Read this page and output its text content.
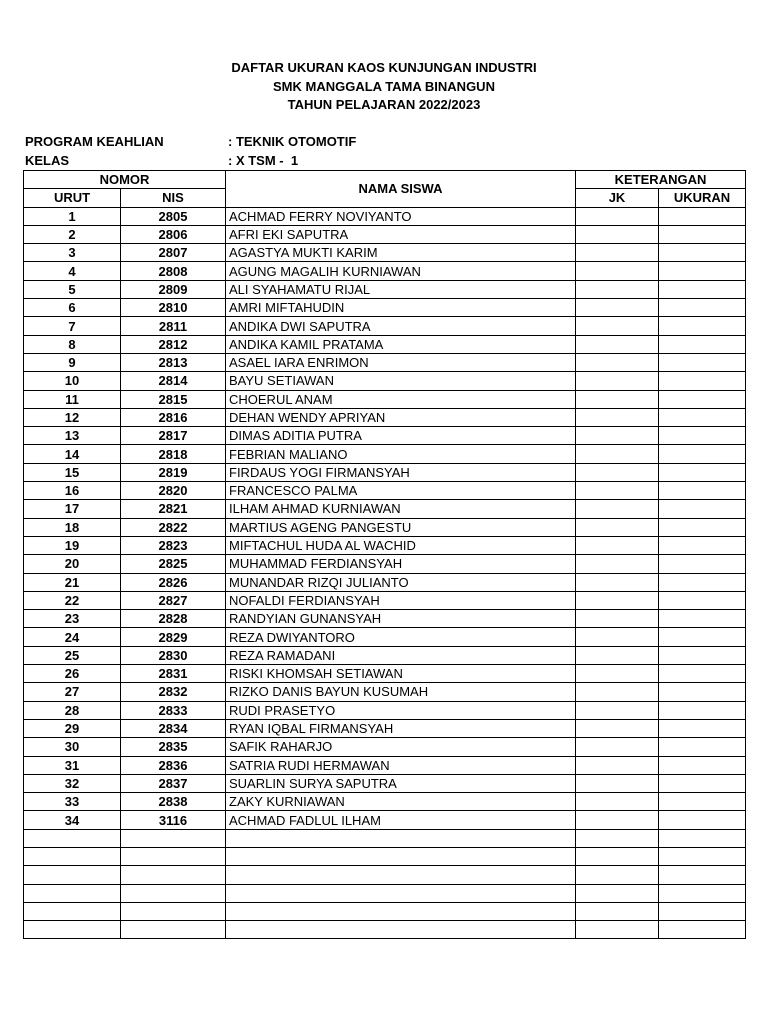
DAFTAR UKURAN KAOS KUNJUNGAN INDUSTRI
SMK MANGGALA TAMA BINANGUN
TAHUN PELAJARAN 2022/2023
PROGRAM KEAHLIAN	: TEKNIK OTOMOTIF
KELAS	: X TSM -  1
NOMOR		NAMA SISWA	KETERANGAN	
URUT	NIS		JK	UKURAN
1	2805	ACHMAD FERRY NOVIYANTO		
2	2806	AFRI EKI SAPUTRA		
3	2807	AGASTYA MUKTI KARIM		
4	2808	AGUNG MAGALIH KURNIAWAN		
5	2809	ALI SYAHAMATU RIJAL		
6	2810	AMRI MIFTAHUDIN		
7	2811	ANDIKA DWI SAPUTRA		
8	2812	ANDIKA KAMIL PRATAMA		
9	2813	ASAEL IARA ENRIMON		
10	2814	BAYU SETIAWAN		
11	2815	CHOERUL ANAM		
12	2816	DEHAN WENDY APRIYAN		
13	2817	DIMAS ADITIA PUTRA		
14	2818	FEBRIAN MALIANO		
15	2819	FIRDAUS YOGI FIRMANSYAH		
16	2820	FRANCESCO PALMA		
17	2821	ILHAM AHMAD KURNIAWAN		
18	2822	MARTIUS AGENG PANGESTU		
19	2823	MIFTACHUL HUDA AL WACHID		
20	2825	MUHAMMAD FERDIANSYAH		
21	2826	MUNANDAR RIZQI JULIANTO		
22	2827	NOFALDI FERDIANSYAH		
23	2828	RANDYIAN GUNANSYAH		
24	2829	REZA DWIYANTORO		
25	2830	REZA RAMADANI		
26	2831	RISKI KHOMSAH SETIAWAN		
27	2832	RIZKO DANIS BAYUN KUSUMAH		
28	2833	RUDI PRASETYO		
29	2834	RYAN IQBAL FIRMANSYAH		
30	2835	SAFIK RAHARJO		
31	2836	SATRIA RUDI HERMAWAN		
32	2837	SUARLIN SURYA SAPUTRA		
33	2838	ZAKY KURNIAWAN		
34	3116	ACHMAD FADLUL ILHAM		
